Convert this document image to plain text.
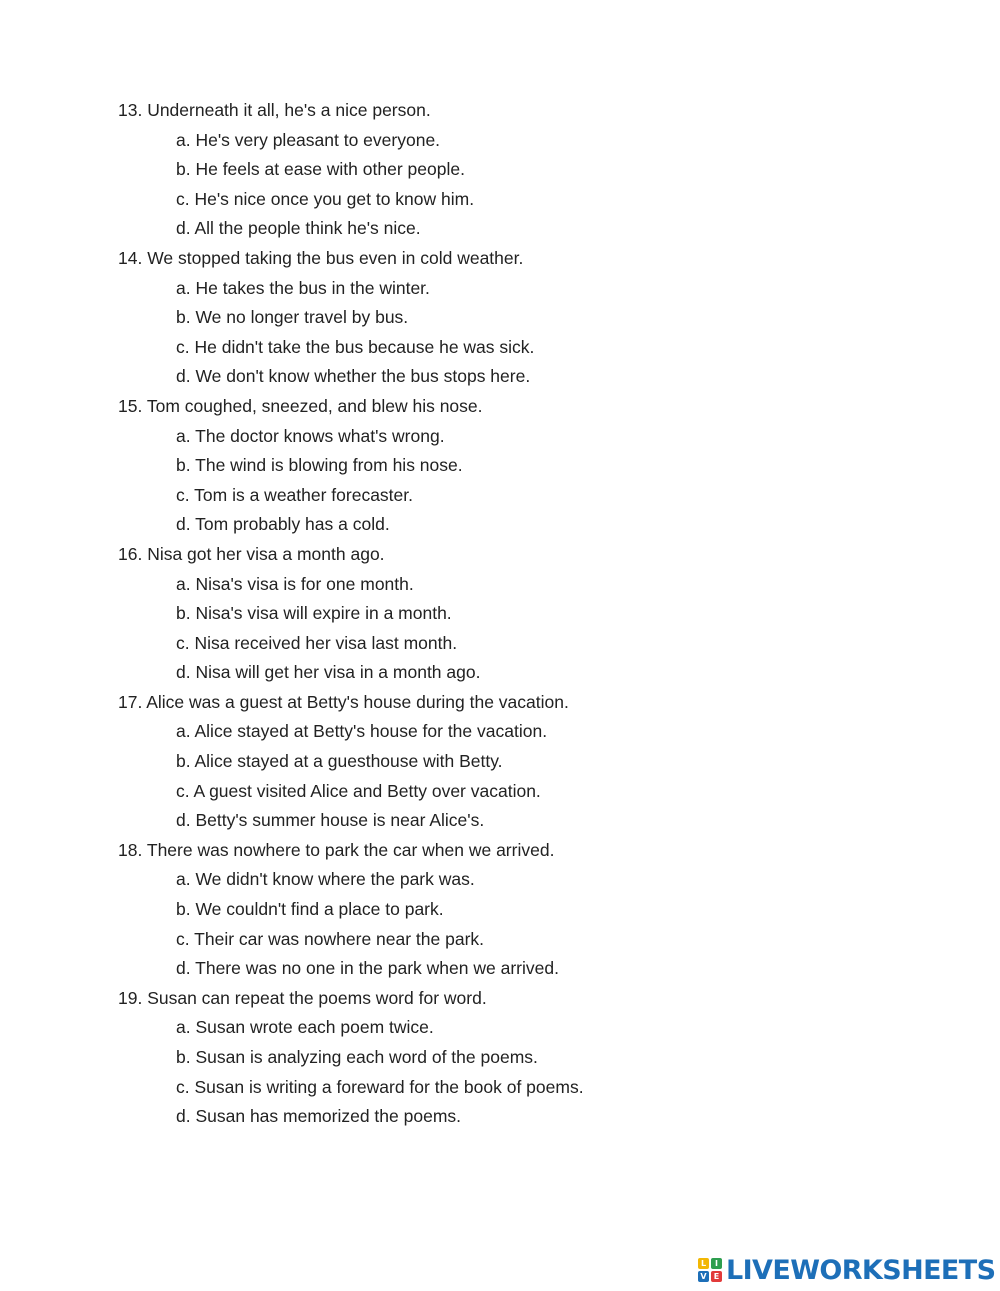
13. Underneath it all, he's a nice person.
a. He's very pleasant to everyone.
b. He feels at ease with other people.
c. He's nice once you get to know him.
d. All the people think he's nice.
14. We stopped taking the bus even in cold weather.
a. He takes the bus in the winter.
b. We no longer travel by bus.
c. He didn't take the bus because he was sick.
d. We don't know whether the bus stops here.
15. Tom coughed, sneezed, and blew his nose.
a. The doctor knows what's wrong.
b. The wind is blowing from his nose.
c. Tom is a weather forecaster.
d. Tom probably has a cold.
16. Nisa got her visa a month ago.
a. Nisa's visa is for one month.
b. Nisa's visa will expire in a month.
c. Nisa received her visa last month.
d. Nisa will get her visa in a month ago.
17. Alice was a guest at Betty's house during the vacation.
a. Alice stayed at Betty's house for the vacation.
b. Alice stayed at a guesthouse with Betty.
c. A guest visited Alice and Betty over vacation.
d. Betty's summer house is near Alice's.
18. There was nowhere to park the car when we arrived.
a. We didn't know where the park was.
b. We couldn't find a place to park.
c. Their car was nowhere near the park.
d. There was no one in the park when we arrived.
19. Susan can repeat the poems word for word.
a. Susan wrote each poem twice.
b. Susan is analyzing each word of the poems.
c. Susan is writing a foreward for the book of poems.
d. Susan has memorized the poems.
L	I
V E LIVEWORKSHEETS
